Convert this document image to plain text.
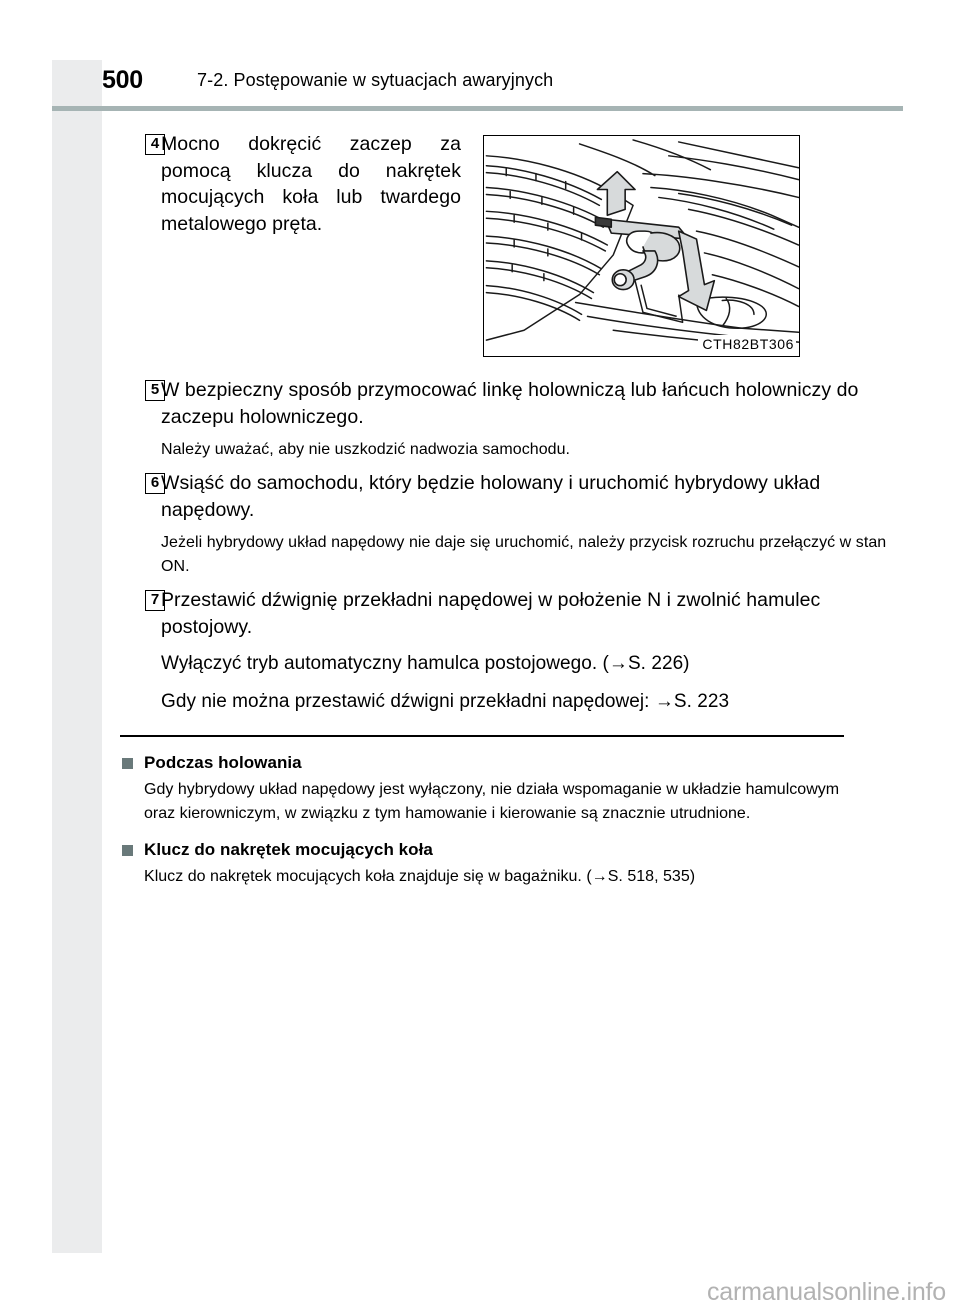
500	7-2. Postępowanie w sytuacjach awaryjnych
4 Mocno dokręcić zaczep za pomocą klucza do nakrętek mocujących koła lub twardego metalowego pręta.
CTH82BT306
5 W bezpieczny sposób przymocować linkę holowniczą lub łańcuch holowniczy do zaczepu holowniczego.
Należy uważać, aby nie uszkodzić nadwozia samochodu.
6 Wsiąść do samochodu, który będzie holowany i uruchomić hybrydowy układ napędowy.
Jeżeli hybrydowy układ napędowy nie daje się uruchomić, należy przycisk rozruchu przełączyć w stan ON.
7 Przestawić dźwignię przekładni napędowej w położenie N i zwolnić hamulec postojowy.
Wyłączyć tryb automatyczny hamulca postojowego. (→S. 226)
Gdy nie można przestawić dźwigni przekładni napędowej: →S. 223
Podczas holowania
Gdy hybrydowy układ napędowy jest wyłączony, nie działa wspomaganie w układzie hamulcowym oraz kierowniczym, w związku z tym hamowanie i kierowanie są znacznie utrudnione.
Klucz do nakrętek mocujących koła
Klucz do nakrętek mocujących koła znajduje się w bagażniku. (→S. 518, 535)
carmanualsonline.info
